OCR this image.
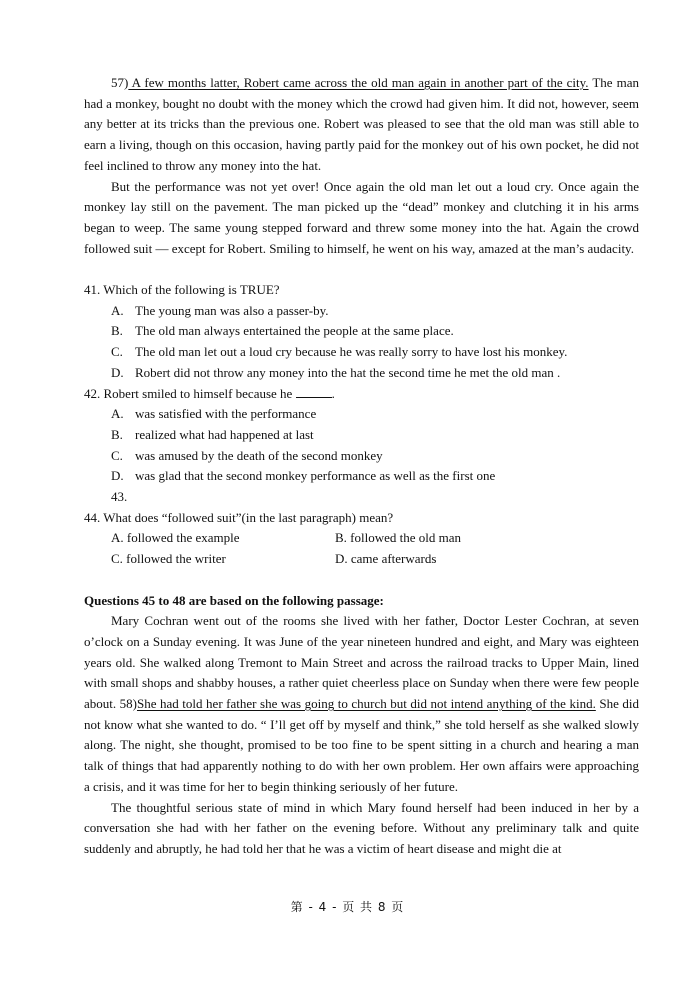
57) A few months latter, Robert came across the old man again in another part of the city. The man had a monkey, bought no doubt with the money which the crowd had given him. It did not, however, seem any better at its tricks than the previous one. Robert was pleased to see that the old man was still able to earn a living, though on this occasion, having partly paid for the monkey out of his own pocket, he did not feel inclined to throw any money into the hat.

But the performance was not yet over! Once again the old man let out a loud cry. Once again the monkey lay still on the pavement. The man picked up the “dead” monkey and clutching it in his arms began to weep. The same young stepped forward and threw some money into the hat. Again the crowd followed suit — except for Robert. Smiling to himself, he went on his way, amazed at the man’s audacity.

41. Which of the following is TRUE?

A. The young man was also a passer-by.

B. The old man always entertained the people at the same place.

C. The old man let out a loud cry because he was really sorry to have lost his monkey.

D. Robert did not throw any money into the hat the second time he met the old man .

42. Robert smiled to himself because he	.

A. was satisfied with the performance

B. realized what had happened at last

C. was amused by the death of the second monkey

D. was glad that the second monkey performance as well as the first one

43.

44. What does “followed suit”(in the last paragraph) mean?

A. followed the example	B. followed the old man
C. followed the writer	D. came afterwards

Questions 45 to 48 are based on the following passage:

Mary Cochran went out of the rooms she lived with her father, Doctor Lester Cochran, at seven o’clock on a Sunday evening. It was June of the year nineteen hundred and eight, and Mary was eighteen years old. She walked along Tremont to Main Street and across the railroad tracks to Upper Main, lined with small shops and shabby houses, a rather quiet cheerless place on Sunday when there were few people about. 58)She had told her father she was going to church but did not intend anything of the kind. She did not know what she wanted to do. “ I’ll get off by myself and think,” she told herself as she walked slowly along. The night, she thought, promised to be too fine to be spent sitting in a church and hearing a man talk of things that had apparently nothing to do with her own problem. Her own affairs were approaching a crisis, and it was time for her to begin thinking seriously of her future.

The thoughtful serious state of mind in which Mary found herself had been induced in her by a conversation she had with her father on the evening before. Without any preliminary talk and quite suddenly and abruptly, he had told her that he was a victim of heart disease and might die at

第 - 4 - 页 共 8 页
